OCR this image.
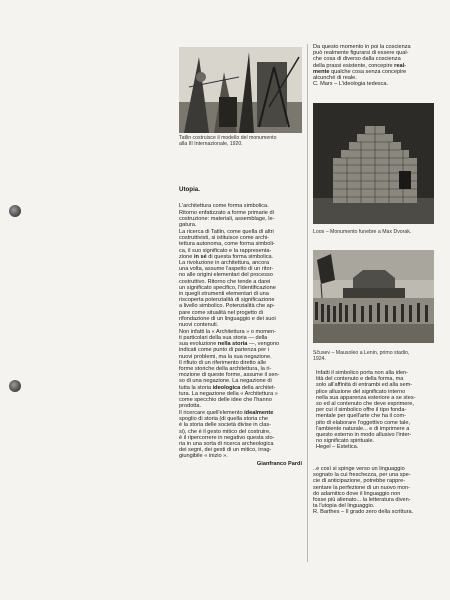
Tatlin costruisce il modello del monumento
alla III Internazionale, 1920.

Utopia.

L'architettura come forma simbolica.

Ritorno enfatizzato a forme primarie di
costruzione: materiali, assemblage, le-
gatura.

La ricerca di Tatlin, come quella di altri
costruttivisti, si istituisce come archi-
tettura autonoma, come forma simboli-
ca, il suo significato e la rappresenta-
zione in sé di questa forma simbolica.
La rivoluzione in architettura, ancora
una volta, assume l'aspetto di un ritor-
no alle origini elementari del processo
costruttivo. Ritorno che tende a darei
un significato specifico, l'identificazione
in quegli strumenti elementari di una
riscoperta potenzialità di significazione
a livello simbolico. Potenzialità che ap-
pare come situalità nel progetto di
rifondazione di un linguaggio e dei suoi
nuovi contenuti.

Non infatti la « Architettura » o momen-
ti particolari della sua storia — della
sua evoluzione nella storia —, vengono
indicati come punto di partenza per i
nuovi problemi, ma la sua negazione.
Il rifiuto di un riferimento diretto alle
forme storiche della architettura, la ri-
mozione di queste forme, assume il sen-
so di una negazione. La negazione di
tutta la storia ideologica della architet-
tura. La negazione della « Architettura »
come specchio delle idee che l'hanno
prodotta.

Il ricercare quell'elemento idealmente
spoglio di storia (di quella storia che
è la storia delle società divise in clas-
si), che è il gesto mitico del costruire,
è il ripercorrere in negativo questa sto-
ria in una sorta di ricerca archeologica
dei segni, dei gesti di un mitico, irrag-
giungibile « inizio ».

Gianfranco Pardi

Da questo momento in poi la coscienza

può realmente figurarsi di essere qual-

che cosa di diverso dalla coscienza

della prassi esistente, concepire real-

mente qualche cosa senza concepire

alcunché di reale.

C. Marx – L'ideologia tedesca.

Loos – Monumento funebre a Max Dvorak.
Sčusev – Mausoleo a Lenin, primo stadio,
1924.

Infatti il simbolico porta non alla iden-

tità del contenuto e della forma, ma

solo all'affinità di entrambi ed alla sem-

plice allusione del significato interno

nella sua apparenza esteriore a se stes-

so ed al contenuto che deve esprimere,

per cui il simbolico offre il tipo fonda-

mentale per quell'arte che ha il com-

pito di elaborare l'oggettivo come tale,

l'ambiente naturale... e di imprimere a

questo esterno in modo allusivo l'inter-

no significato spirituale.

Hegel – Estetica.

..e così si spinge verso un linguaggio

sognato la cui freschezza, per una spe-

cie di anticipazione, potrebbe rappre-

sentare la perfezione di un nuovo mon-

do adamitico dove il linguaggio non

fosse più alienato... la letteratura diven-

ta l'utopia del linguaggio.

R. Barthes – Il grado zero della scrittura.
